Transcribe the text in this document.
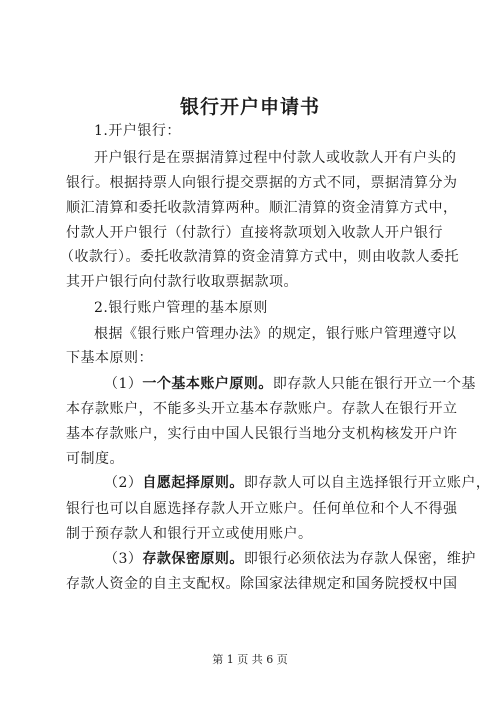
银行开户申请书
1.开户银行：
开户银行是在票据清算过程中付款人或收款人开有户头的
银行。根据持票人向银行提交票据的方式不同，票据清算分为
顺汇清算和委托收款清算两种。顺汇清算的资金清算方式中，
付款人开户银行（付款行）直接将款项划入收款人开户银行
（收款行）。委托收款清算的资金清算方式中，则由收款人委托
其开户银行向付款行收取票据款项。
2.银行账户管理的基本原则
根据《银行账户管理办法》的规定，银行账户管理遵守以
下基本原则：
（1）一个基本账户原则。即存款人只能在银行开立一个基
本存款账户，不能多头开立基本存款账户。存款人在银行开立
基本存款账户，实行由中国人民银行当地分支机构核发开户许
可制度。
（2）自愿起择原则。即存款人可以自主选择银行开立账户，
银行也可以自愿选择存款人开立账户。任何单位和个人不得强
制于预存款人和银行开立或使用账户。
（3）存款保密原则。即银行必须依法为存款人保密，维护
存款人资金的自主支配权。除国家法律规定和国务院授权中国
第 1 页 共 6 页
